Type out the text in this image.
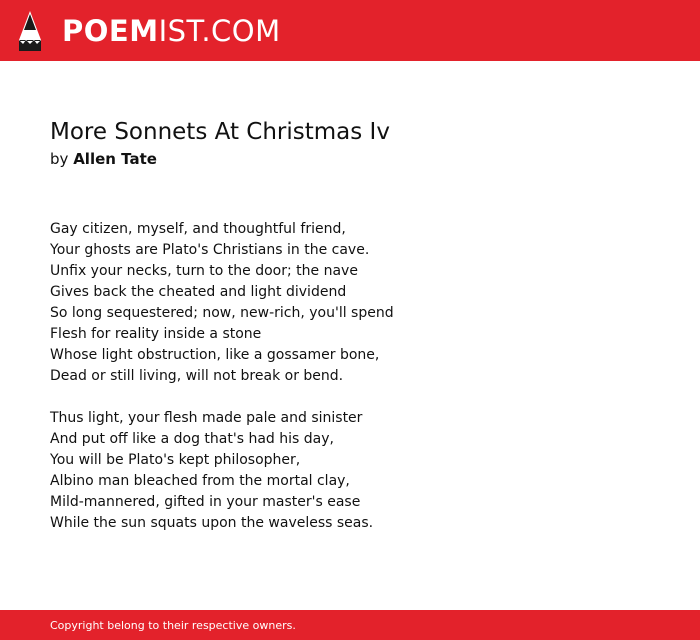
POEMIST.COM
More Sonnets At Christmas Iv
by Allen Tate
Gay citizen, myself, and thoughtful friend,
Your ghosts are Plato's Christians in the cave.
Unfix your necks, turn to the door; the nave
Gives back the cheated and light dividend
So long sequestered; now, new-rich, you'll spend
Flesh for reality inside a stone
Whose light obstruction, like a gossamer bone,
Dead or still living, will not break or bend.
Thus light, your flesh made pale and sinister
And put off like a dog that's had his day,
You will be Plato's kept philosopher,
Albino man bleached from the mortal clay,
Mild-mannered, gifted in your master's ease
While the sun squats upon the waveless seas.
Copyright belong to their respective owners.
